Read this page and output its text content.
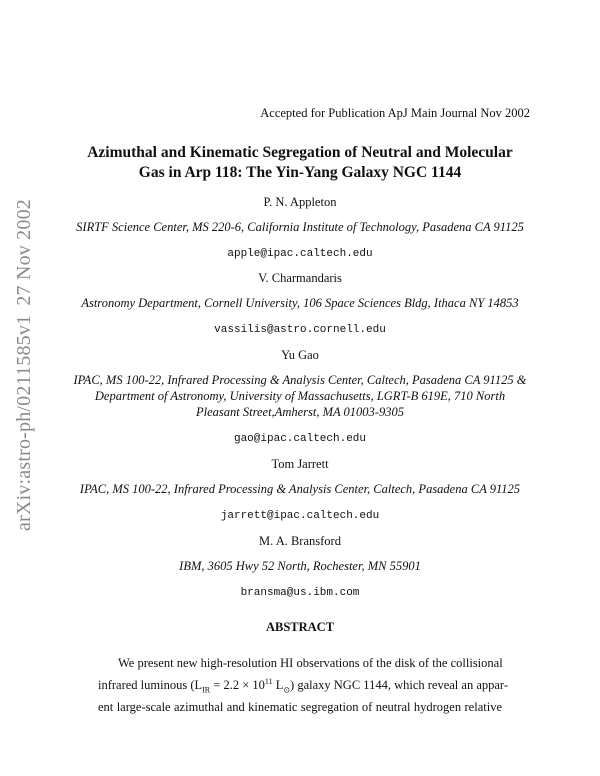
arXiv:astro-ph/0211585v1
27 Nov 2002
Accepted for Publication ApJ Main Journal Nov 2002
Azimuthal and Kinematic Segregation of Neutral and Molecular
Gas in Arp 118: The Yin-Yang Galaxy NGC 1144
P. N. Appleton
SIRTF Science Center, MS 220-6, California Institute of Technology, Pasadena CA 91125
apple@ipac.caltech.edu
V. Charmandaris
Astronomy Department, Cornell University, 106 Space Sciences Bldg, Ithaca NY 14853
vassilis@astro.cornell.edu
Yu Gao
IPAC, MS 100-22, Infrared Processing & Analysis Center, Caltech, Pasadena CA 91125 &
Department of Astronomy, University of Massachusetts, LGRT-B 619E, 710 North
Pleasant Street,Amherst, MA 01003-9305
gao@ipac.caltech.edu
Tom Jarrett
IPAC, MS 100-22, Infrared Processing & Analysis Center, Caltech, Pasadena CA 91125
jarrett@ipac.caltech.edu
M. A. Bransford
IBM, 3605 Hwy 52 North, Rochester, MN 55901
bransma@us.ibm.com
ABSTRACT
We present new high-resolution HI observations of the disk of the collisional
infrared luminous ($L_{IR} = 2.2 \times 10^{11}$ $L_⊙$) galaxy NGC 1144, which reveal an appar-
ent large-scale azimuthal and kinematic segregation of neutral hydrogen relative
